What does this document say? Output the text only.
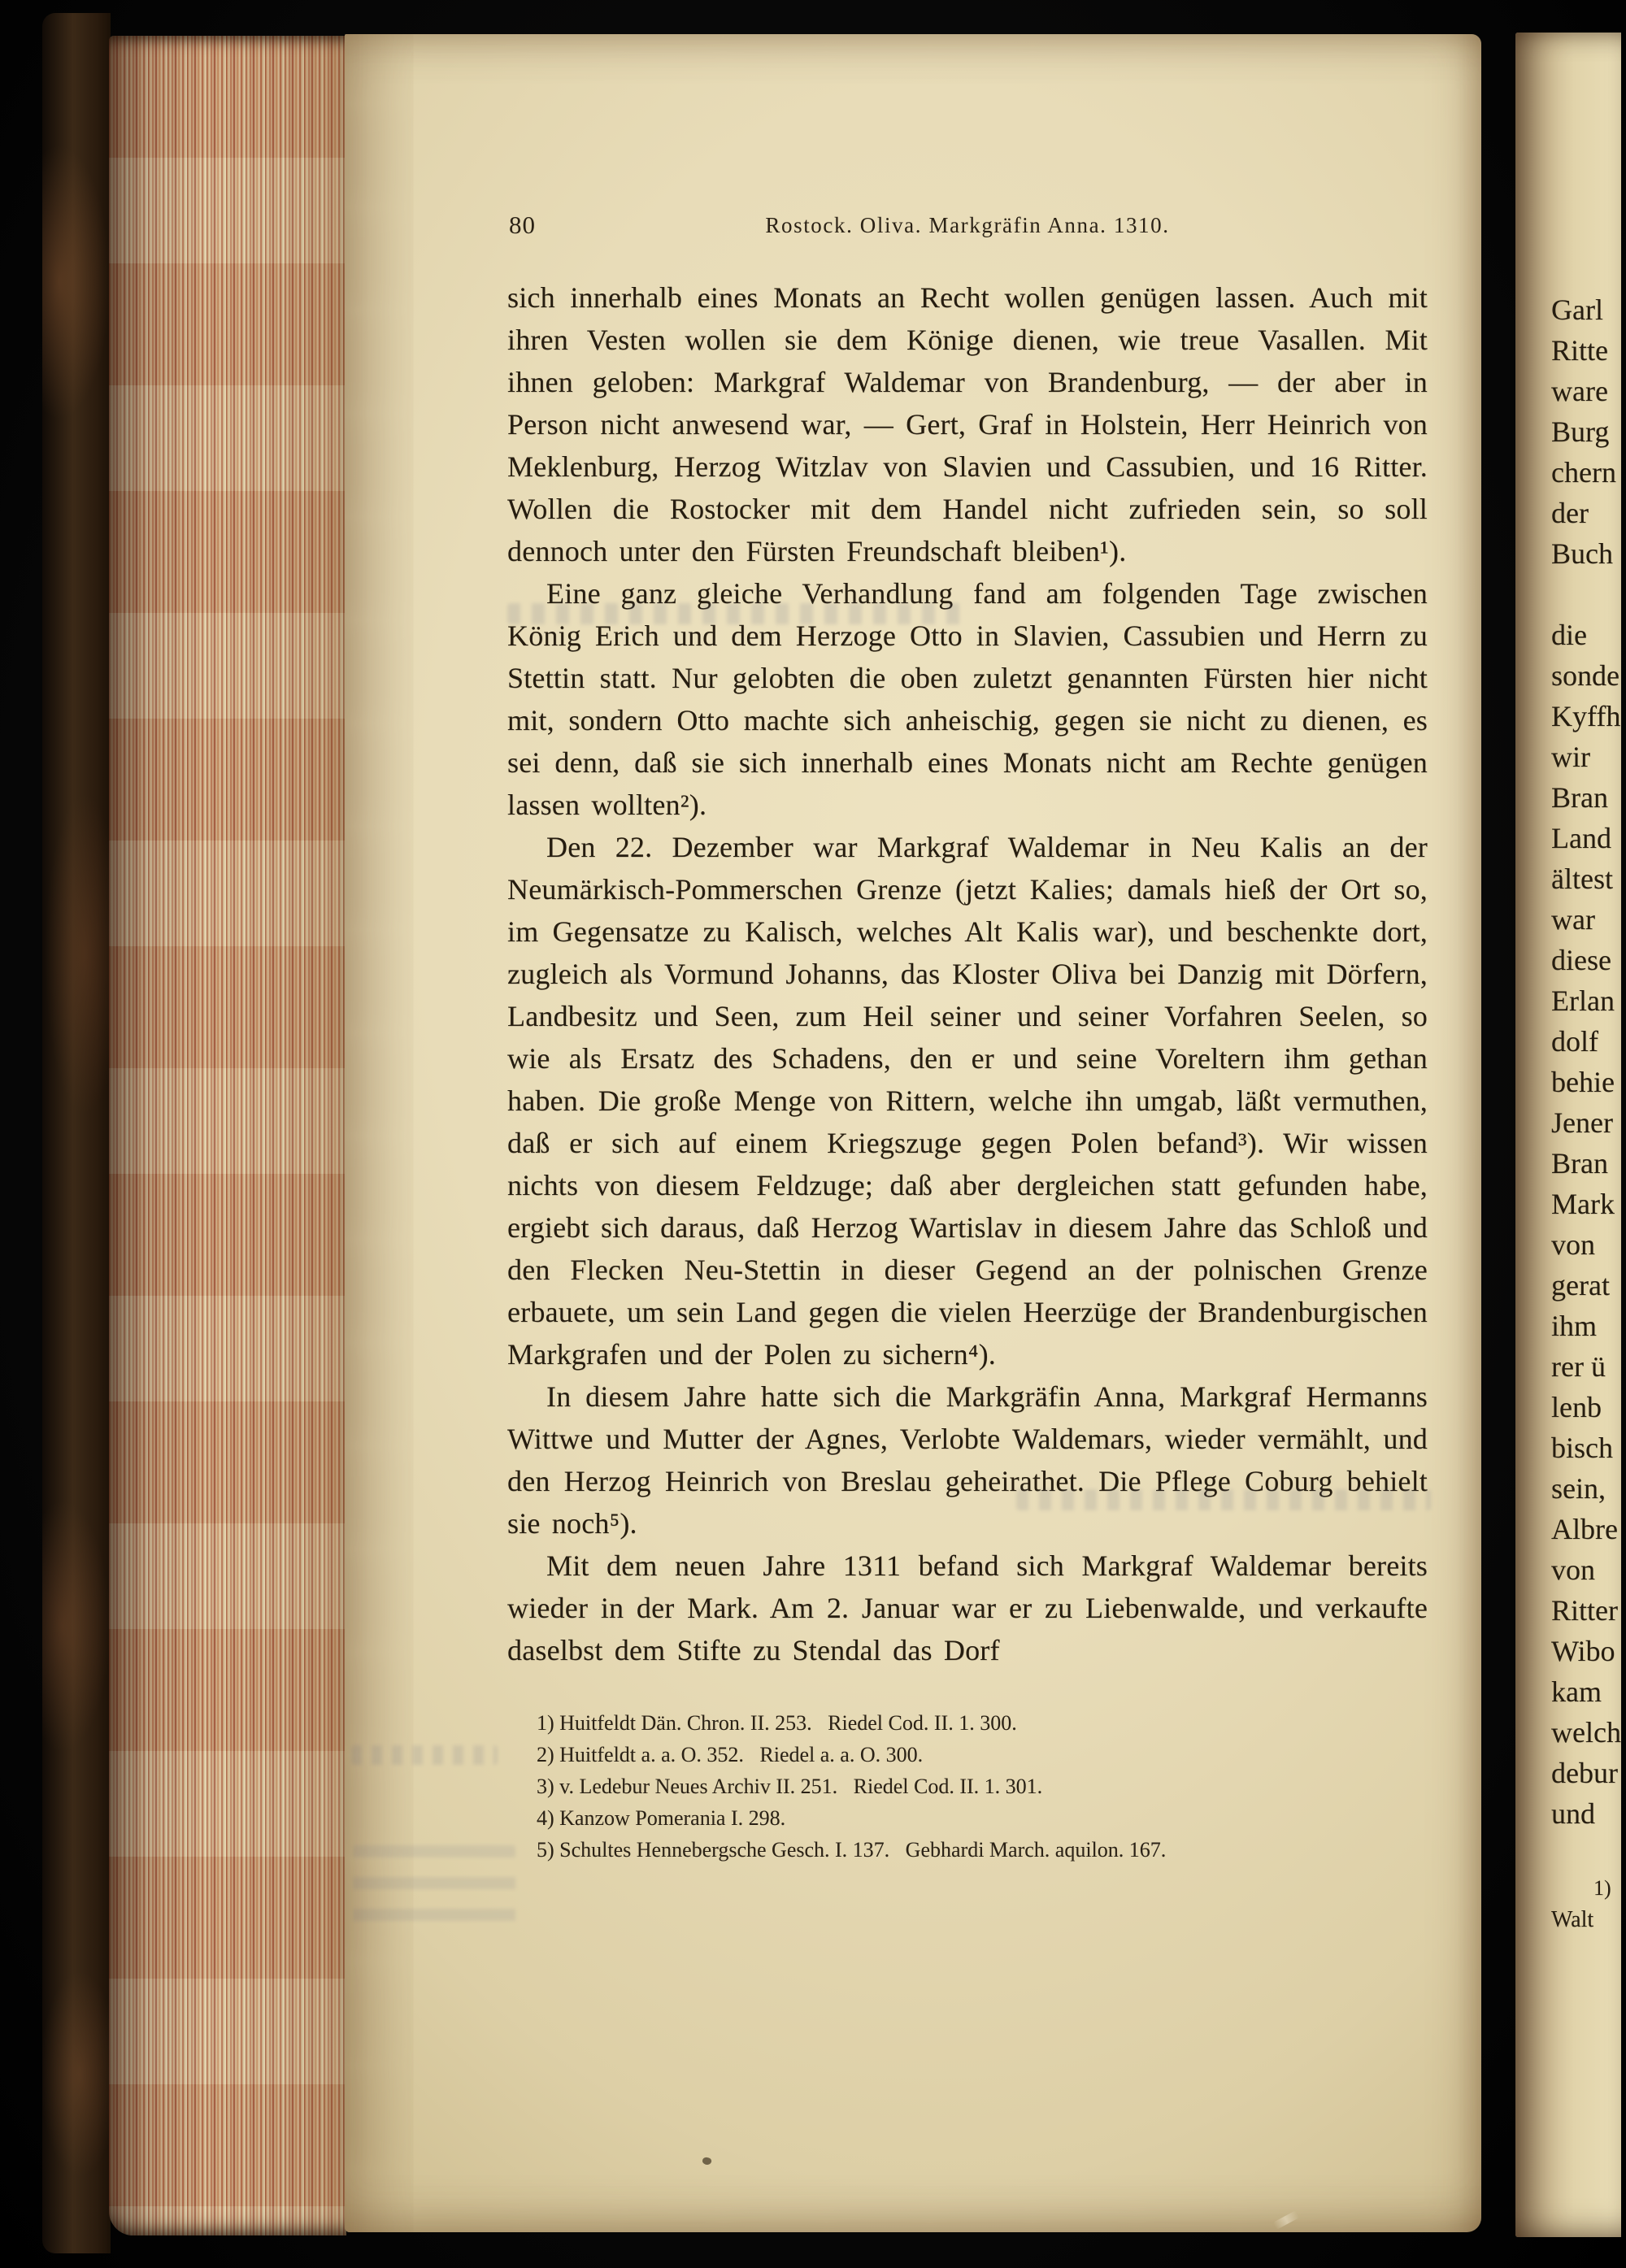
80	Rostock. Oliva. Markgräfin Anna. 1310.

sich innerhalb eines Monats an Recht wollen genügen lassen. Auch mit ihren Vesten wollen sie dem Könige dienen, wie treue Vasallen. Mit ihnen geloben: Markgraf Waldemar von Brandenburg, — der aber in Person nicht anwesend war, — Gert, Graf in Holstein, Herr Heinrich von Meklenburg, Herzog Witzlav von Slavien und Cassubien, und 16 Ritter. Wollen die Rostocker mit dem Handel nicht zufrieden sein, so soll dennoch unter den Fürsten Freundschaft bleiben¹).

Eine ganz gleiche Verhandlung fand am folgenden Tage zwischen König Erich und dem Herzoge Otto in Slavien, Cassubien und Herrn zu Stettin statt. Nur gelobten die oben zuletzt genannten Fürsten hier nicht mit, sondern Otto machte sich anheischig, gegen sie nicht zu dienen, es sei denn, daß sie sich innerhalb eines Monats nicht am Rechte genügen lassen wollten²).

Den 22. Dezember war Markgraf Waldemar in Neu Kalis an der Neumärkisch-Pommerschen Grenze (jetzt Kalies; damals hieß der Ort so, im Gegensatze zu Kalisch, welches Alt Kalis war), und beschenkte dort, zugleich als Vormund Johanns, das Kloster Oliva bei Danzig mit Dörfern, Landbesitz und Seen, zum Heil seiner und seiner Vorfahren Seelen, so wie als Ersatz des Schadens, den er und seine Voreltern ihm gethan haben. Die große Menge von Rittern, welche ihn umgab, läßt vermuthen, daß er sich auf einem Kriegszuge gegen Polen befand³). Wir wissen nichts von diesem Feldzuge; daß aber dergleichen statt gefunden habe, ergiebt sich daraus, daß Herzog Wartislav in diesem Jahre das Schloß und den Flecken Neu-Stettin in dieser Gegend an der polnischen Grenze erbauete, um sein Land gegen die vielen Heerzüge der Brandenburgischen Markgrafen und der Polen zu sichern⁴).

In diesem Jahre hatte sich die Markgräfin Anna, Markgraf Hermanns Wittwe und Mutter der Agnes, Verlobte Waldemars, wieder vermählt, und den Herzog Heinrich von Breslau geheirathet. Die Pflege Coburg behielt sie noch⁵).

Mit dem neuen Jahre 1311 befand sich Markgraf Waldemar bereits wieder in der Mark. Am 2. Januar war er zu Liebenwalde, und verkaufte daselbst dem Stifte zu Stendal das Dorf

1) Huitfeldt Dän. Chron. II. 253.   Riedel Cod. II. 1. 300.
2) Huitfeldt a. a. O. 352.   Riedel a. a. O. 300.
3) v. Ledebur Neues Archiv II. 251.   Riedel Cod. II. 1. 301.
4) Kanzow Pomerania I. 298.
5) Schultes Hennebergsche Gesch. I. 137.   Gebhardi March. aquilon. 167.
Garl
Ritte
ware
Burg
chern
der
Buch
die
sonde
Kyffh
wir
Bran
Land
ältest
war
diese
Erlan
dolf
behie
Jener
Bran
Mark
von
gerat
ihm
rer ü
lenb
bisch
sein,
Albre
von
Ritter
Wibo
kam
welch
debur
und
1)
Walt
